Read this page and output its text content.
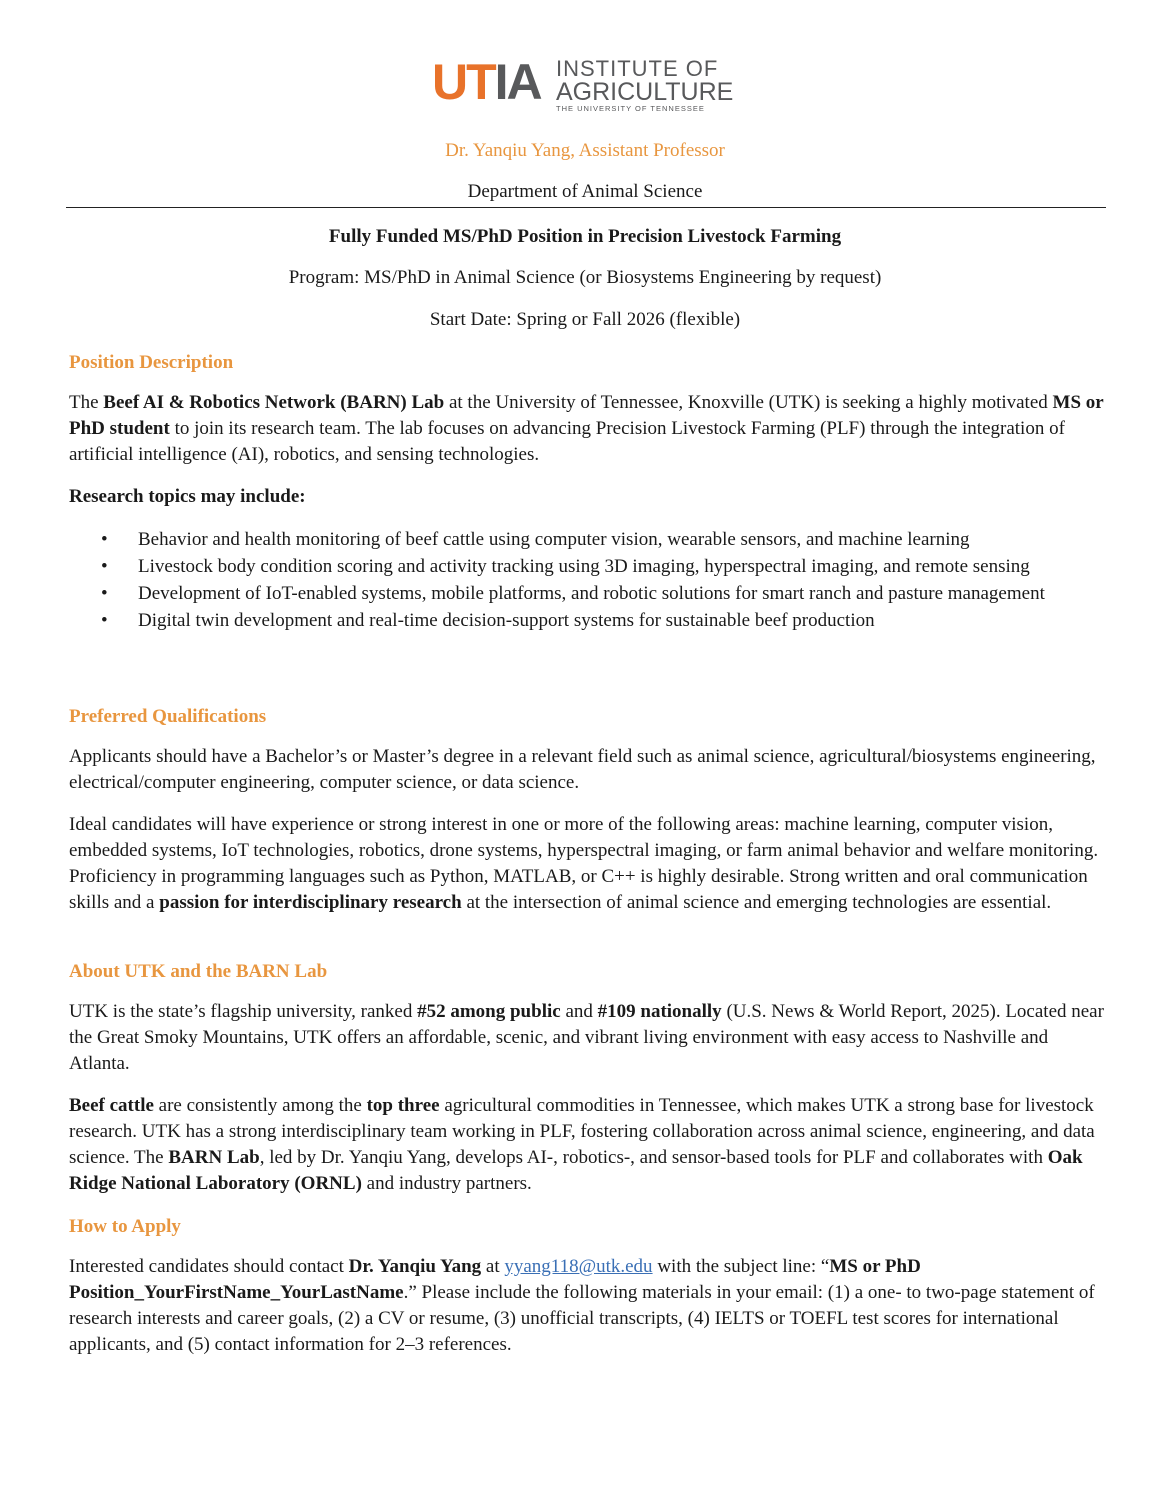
UTIA INSTITUTE OF
AGRICULTURE
THE UNIVERSITY OF TENNESSEE
Dr. Yanqiu Yang, Assistant Professor
Department of Animal Science
Fully Funded MS/PhD Position in Precision Livestock Farming
Program: MS/PhD in Animal Science (or Biosystems Engineering by request)
Start Date: Spring or Fall 2026 (flexible)
Position Description
The Beef AI & Robotics Network (BARN) Lab at the University of Tennessee, Knoxville (UTK) is seeking a highly motivated MS or PhD student to join its research team. The lab focuses on advancing Precision Livestock Farming (PLF) through the integration of artificial intelligence (AI), robotics, and sensing technologies.
Research topics may include:
• Behavior and health monitoring of beef cattle using computer vision, wearable sensors, and machine learning
• Livestock body condition scoring and activity tracking using 3D imaging, hyperspectral imaging, and remote sensing
• Development of IoT-enabled systems, mobile platforms, and robotic solutions for smart ranch and pasture management
• Digital twin development and real-time decision-support systems for sustainable beef production
Preferred Qualifications
Applicants should have a Bachelor’s or Master’s degree in a relevant field such as animal science, agricultural/biosystems engineering, electrical/computer engineering, computer science, or data science.
Ideal candidates will have experience or strong interest in one or more of the following areas: machine learning, computer vision, embedded systems, IoT technologies, robotics, drone systems, hyperspectral imaging, or farm animal behavior and welfare monitoring. Proficiency in programming languages such as Python, MATLAB, or C++ is highly desirable. Strong written and oral communication skills and a passion for interdisciplinary research at the intersection of animal science and emerging technologies are essential.
About UTK and the BARN Lab
UTK is the state’s flagship university, ranked #52 among public and #109 nationally (U.S. News & World Report, 2025). Located near the Great Smoky Mountains, UTK offers an affordable, scenic, and vibrant living environment with easy access to Nashville and Atlanta.
Beef cattle are consistently among the top three agricultural commodities in Tennessee, which makes UTK a strong base for livestock research. UTK has a strong interdisciplinary team working in PLF, fostering collaboration across animal science, engineering, and data science. The BARN Lab, led by Dr. Yanqiu Yang, develops AI-, robotics-, and sensor-based tools for PLF and collaborates with Oak Ridge National Laboratory (ORNL) and industry partners.
How to Apply
Interested candidates should contact Dr. Yanqiu Yang at yyang118@utk.edu with the subject line: “MS or PhD Position_YourFirstName_YourLastName.” Please include the following materials in your email: (1) a one- to two-page statement of research interests and career goals, (2) a CV or resume, (3) unofficial transcripts, (4) IELTS or TOEFL test scores for international applicants, and (5) contact information for 2–3 references.
